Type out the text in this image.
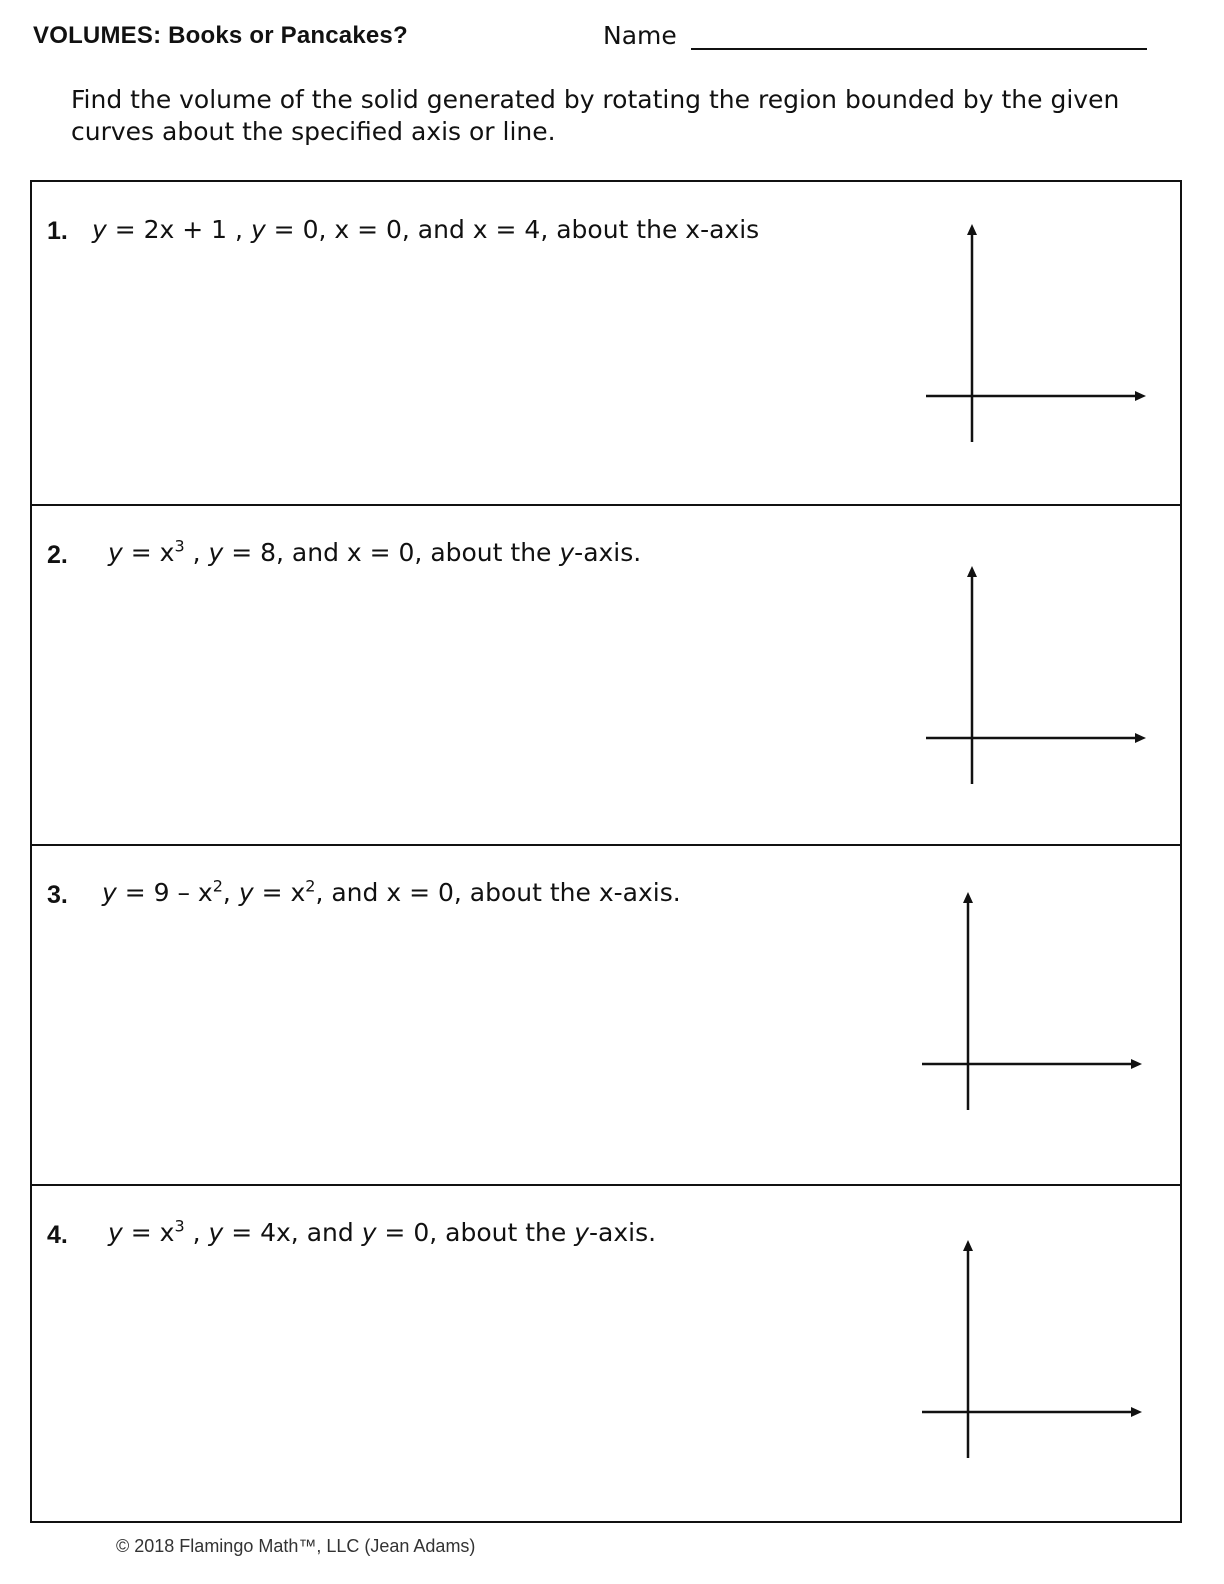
VOLUMES: Books or Pancakes?	Name
Find the volume of the solid generated by rotating the region bounded by the given
curves about the specified axis or line.
1. y = 2x + 1 , y = 0, x = 0, and x = 4, about the x-axis
2. $y = x^3$ , y = 8, and x = 0, about the y-axis.
3. $y = 9 - x^2$, $y = x^2$, and x = 0, about the x-axis.
4. $y = x^3$ , y = 4x, and y = 0, about the y-axis.
© 2018 Flamingo Math™, LLC (Jean Adams)
